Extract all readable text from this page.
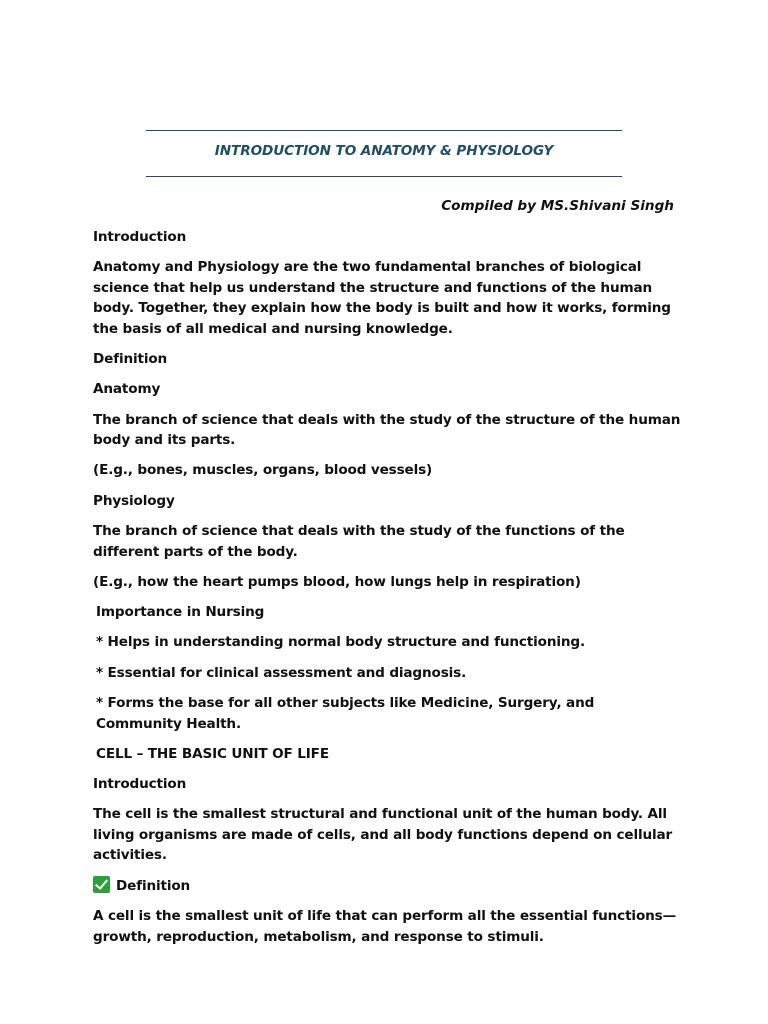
INTRODUCTION TO ANATOMY & PHYSIOLOGY
Compiled by MS.Shivani Singh

Introduction

Anatomy and Physiology are the two fundamental branches of biological science that help us understand the structure and functions of the human body. Together, they explain how the body is built and how it works, forming the basis of all medical and nursing knowledge.

Definition

Anatomy

The branch of science that deals with the study of the structure of the human body and its parts.

(E.g., bones, muscles, organs, blood vessels)

Physiology

The branch of science that deals with the study of the functions of the different parts of the body.

(E.g., how the heart pumps blood, how lungs help in respiration)

Importance in Nursing

* Helps in understanding normal body structure and functioning.

* Essential for clinical assessment and diagnosis.

* Forms the base for all other subjects like Medicine, Surgery, and Community Health.

CELL – THE BASIC UNIT OF LIFE

Introduction

The cell is the smallest structural and functional unit of the human body. All living organisms are made of cells, and all body functions depend on cellular activities.

Definition

A cell is the smallest unit of life that can perform all the essential functions—growth, reproduction, metabolism, and response to stimuli.
